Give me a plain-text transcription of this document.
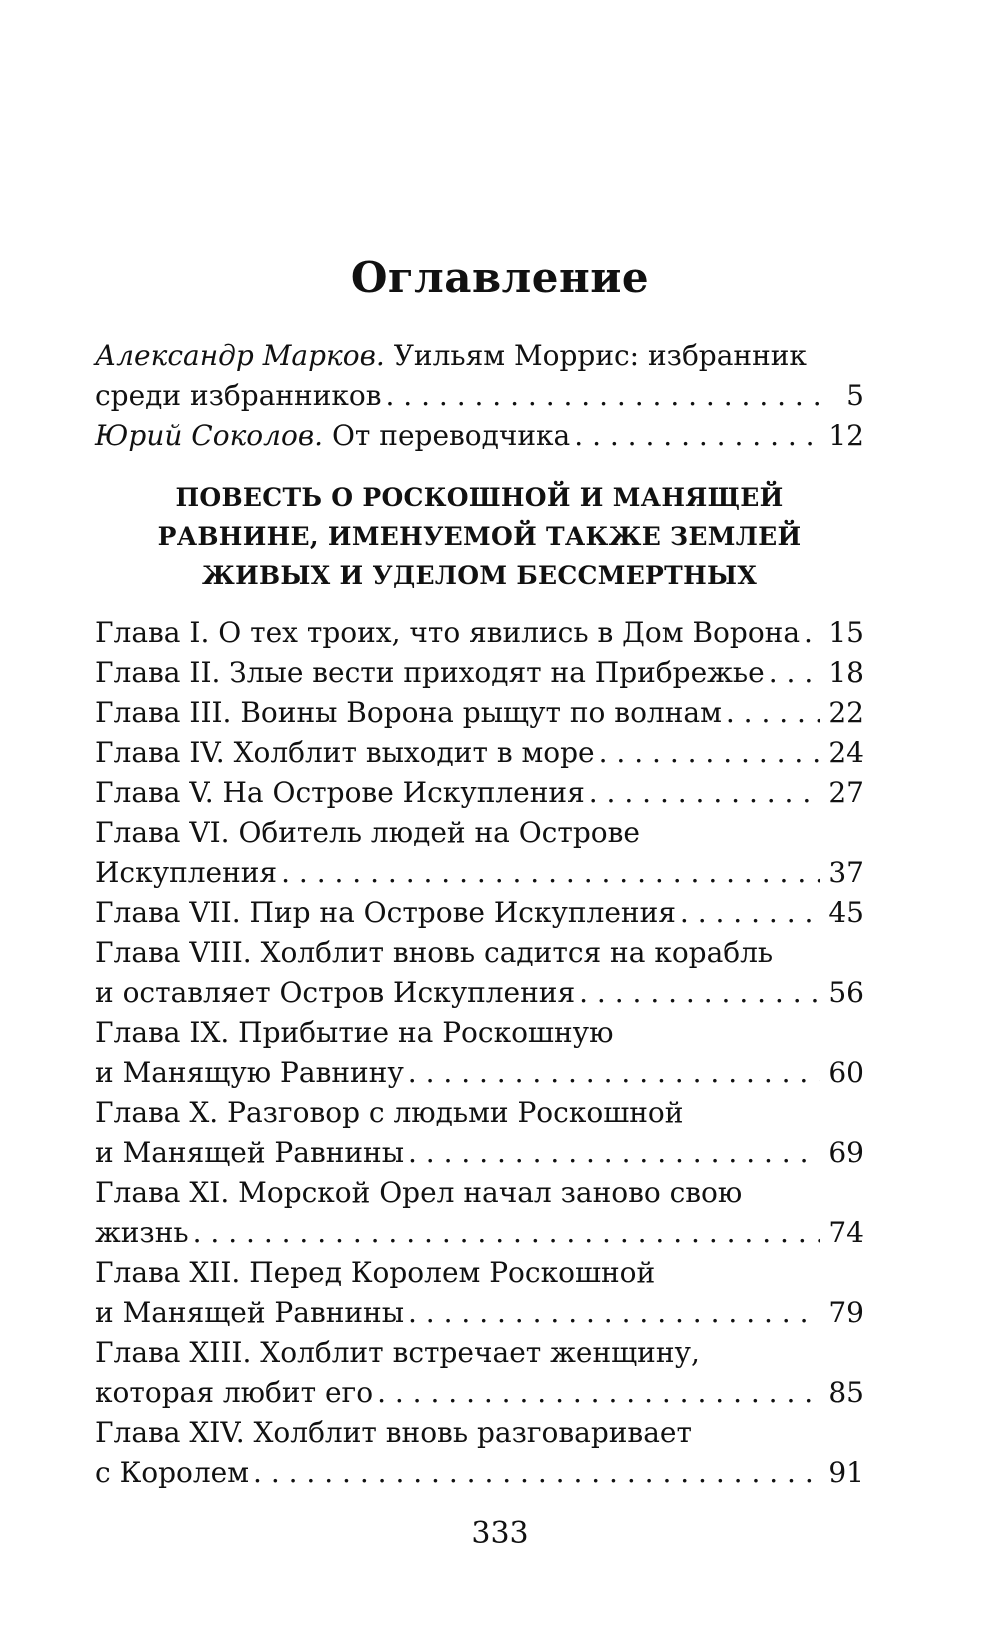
Оглавление
Александр Марков. Уильям Моррис: избранник
среди избранников . . .	5
Юрий Соколов. От переводчика . . .	12
ПОВЕСТЬ О РОСКОШНОЙ И МАНЯЩЕЙ
РАВНИНЕ, ИМЕНУЕМОЙ ТАКЖЕ ЗЕМЛЕЙ
ЖИВЫХ И УДЕЛОМ БЕССМЕРТНЫХ
Глава I. О тех троих, что явились в Дом Ворона . . . 15
Глава II. Злые вести приходят на Прибрежье . . . 18
Глава III. Воины Ворона рыщут по волнам . . .	22
Глава IV. Холблит выходит в море . . .	24
Глава V. На Острове Искупления . . .	27
Глава VI. Обитель людей на Острове
Искупления . . .	37
Глава VII. Пир на Острове Искупления . . .	45
Глава VIII. Холблит вновь садится на корабль
и оставляет Остров Искупления . . .	56
Глава IX. Прибытие на Роскошную
и Манящую Равнину . . .	60
Глава X. Разговор с людьми Роскошной
и Манящей Равнины . . .	69
Глава XI. Морской Орел начал заново свою
жизнь . . .	74
Глава XII. Перед Королем Роскошной
и Манящей Равнины . . .	79
Глава XIII. Холблит встречает женщину,
которая любит его . . .	85
Глава XIV. Холблит вновь разговаривает
с Королем . . .	91
333
